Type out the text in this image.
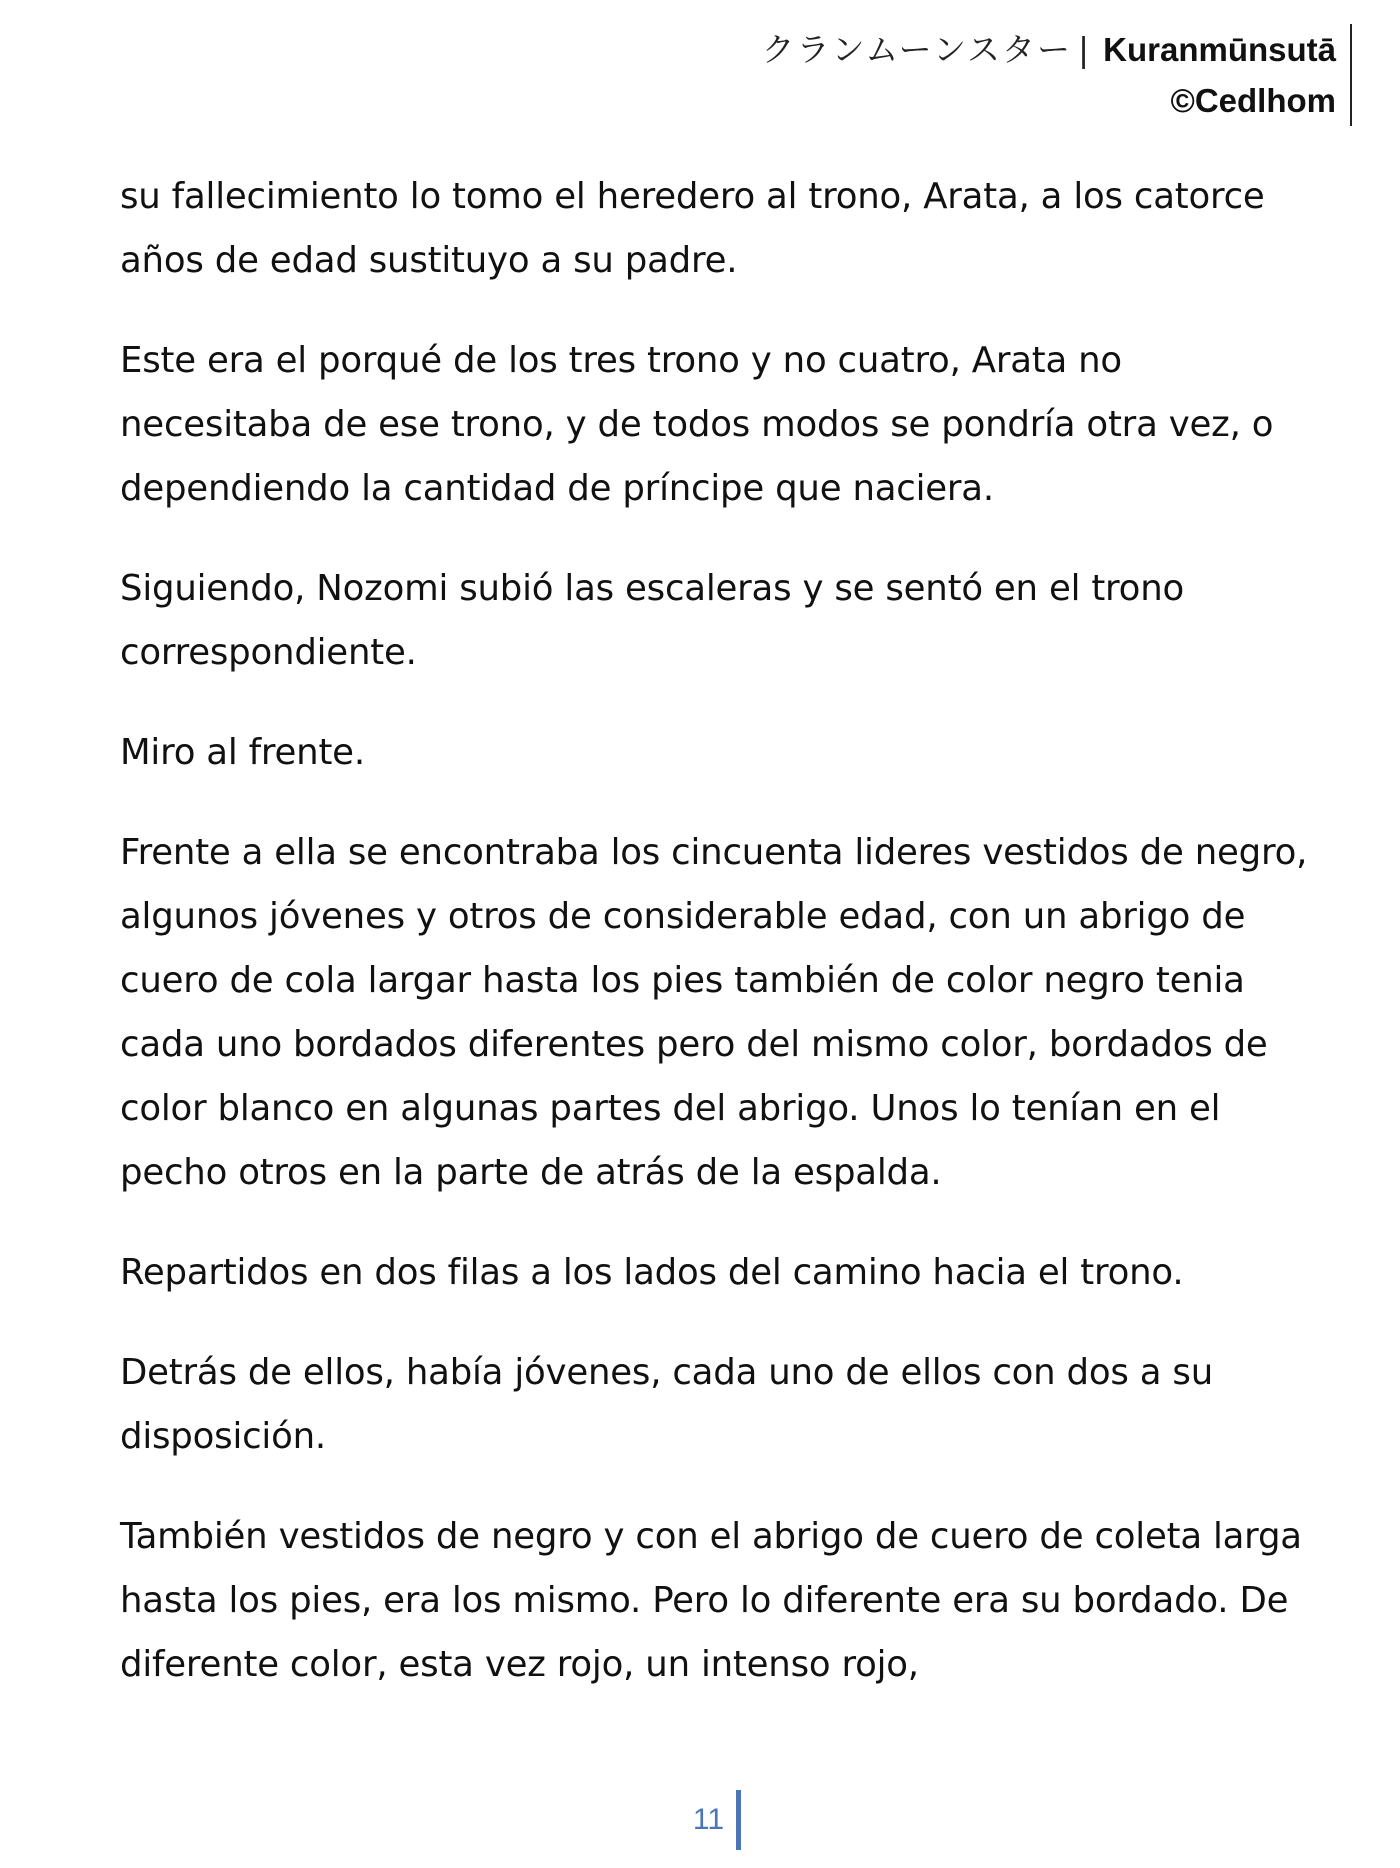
クランムーンスター | Kuranmūnsutā
©Cedlhom

su fallecimiento lo tomo el heredero al trono, Arata, a los catorce años de edad sustituyo a su padre.

Este era el porqué de los tres trono y no cuatro, Arata no necesitaba de ese trono, y de todos modos se pondría otra vez, o dependiendo la cantidad de príncipe que naciera.

Siguiendo, Nozomi subió las escaleras y se sentó en el trono correspondiente.

Miro al frente.

Frente a ella se encontraba los cincuenta lideres vestidos de negro, algunos jóvenes y otros de considerable edad, con un abrigo de cuero de cola largar hasta los pies también de color negro tenia cada uno bordados diferentes pero del mismo color, bordados de color blanco en algunas partes del abrigo. Unos lo tenían en el pecho otros en la parte de atrás de la espalda.

Repartidos en dos filas a los lados del camino hacia el trono.

Detrás de ellos, había jóvenes, cada uno de ellos con dos a su disposición.

También vestidos de negro y con el abrigo de cuero de coleta larga hasta los pies, era los mismo. Pero lo diferente era su bordado. De diferente color, esta vez rojo, un intenso rojo,

11
